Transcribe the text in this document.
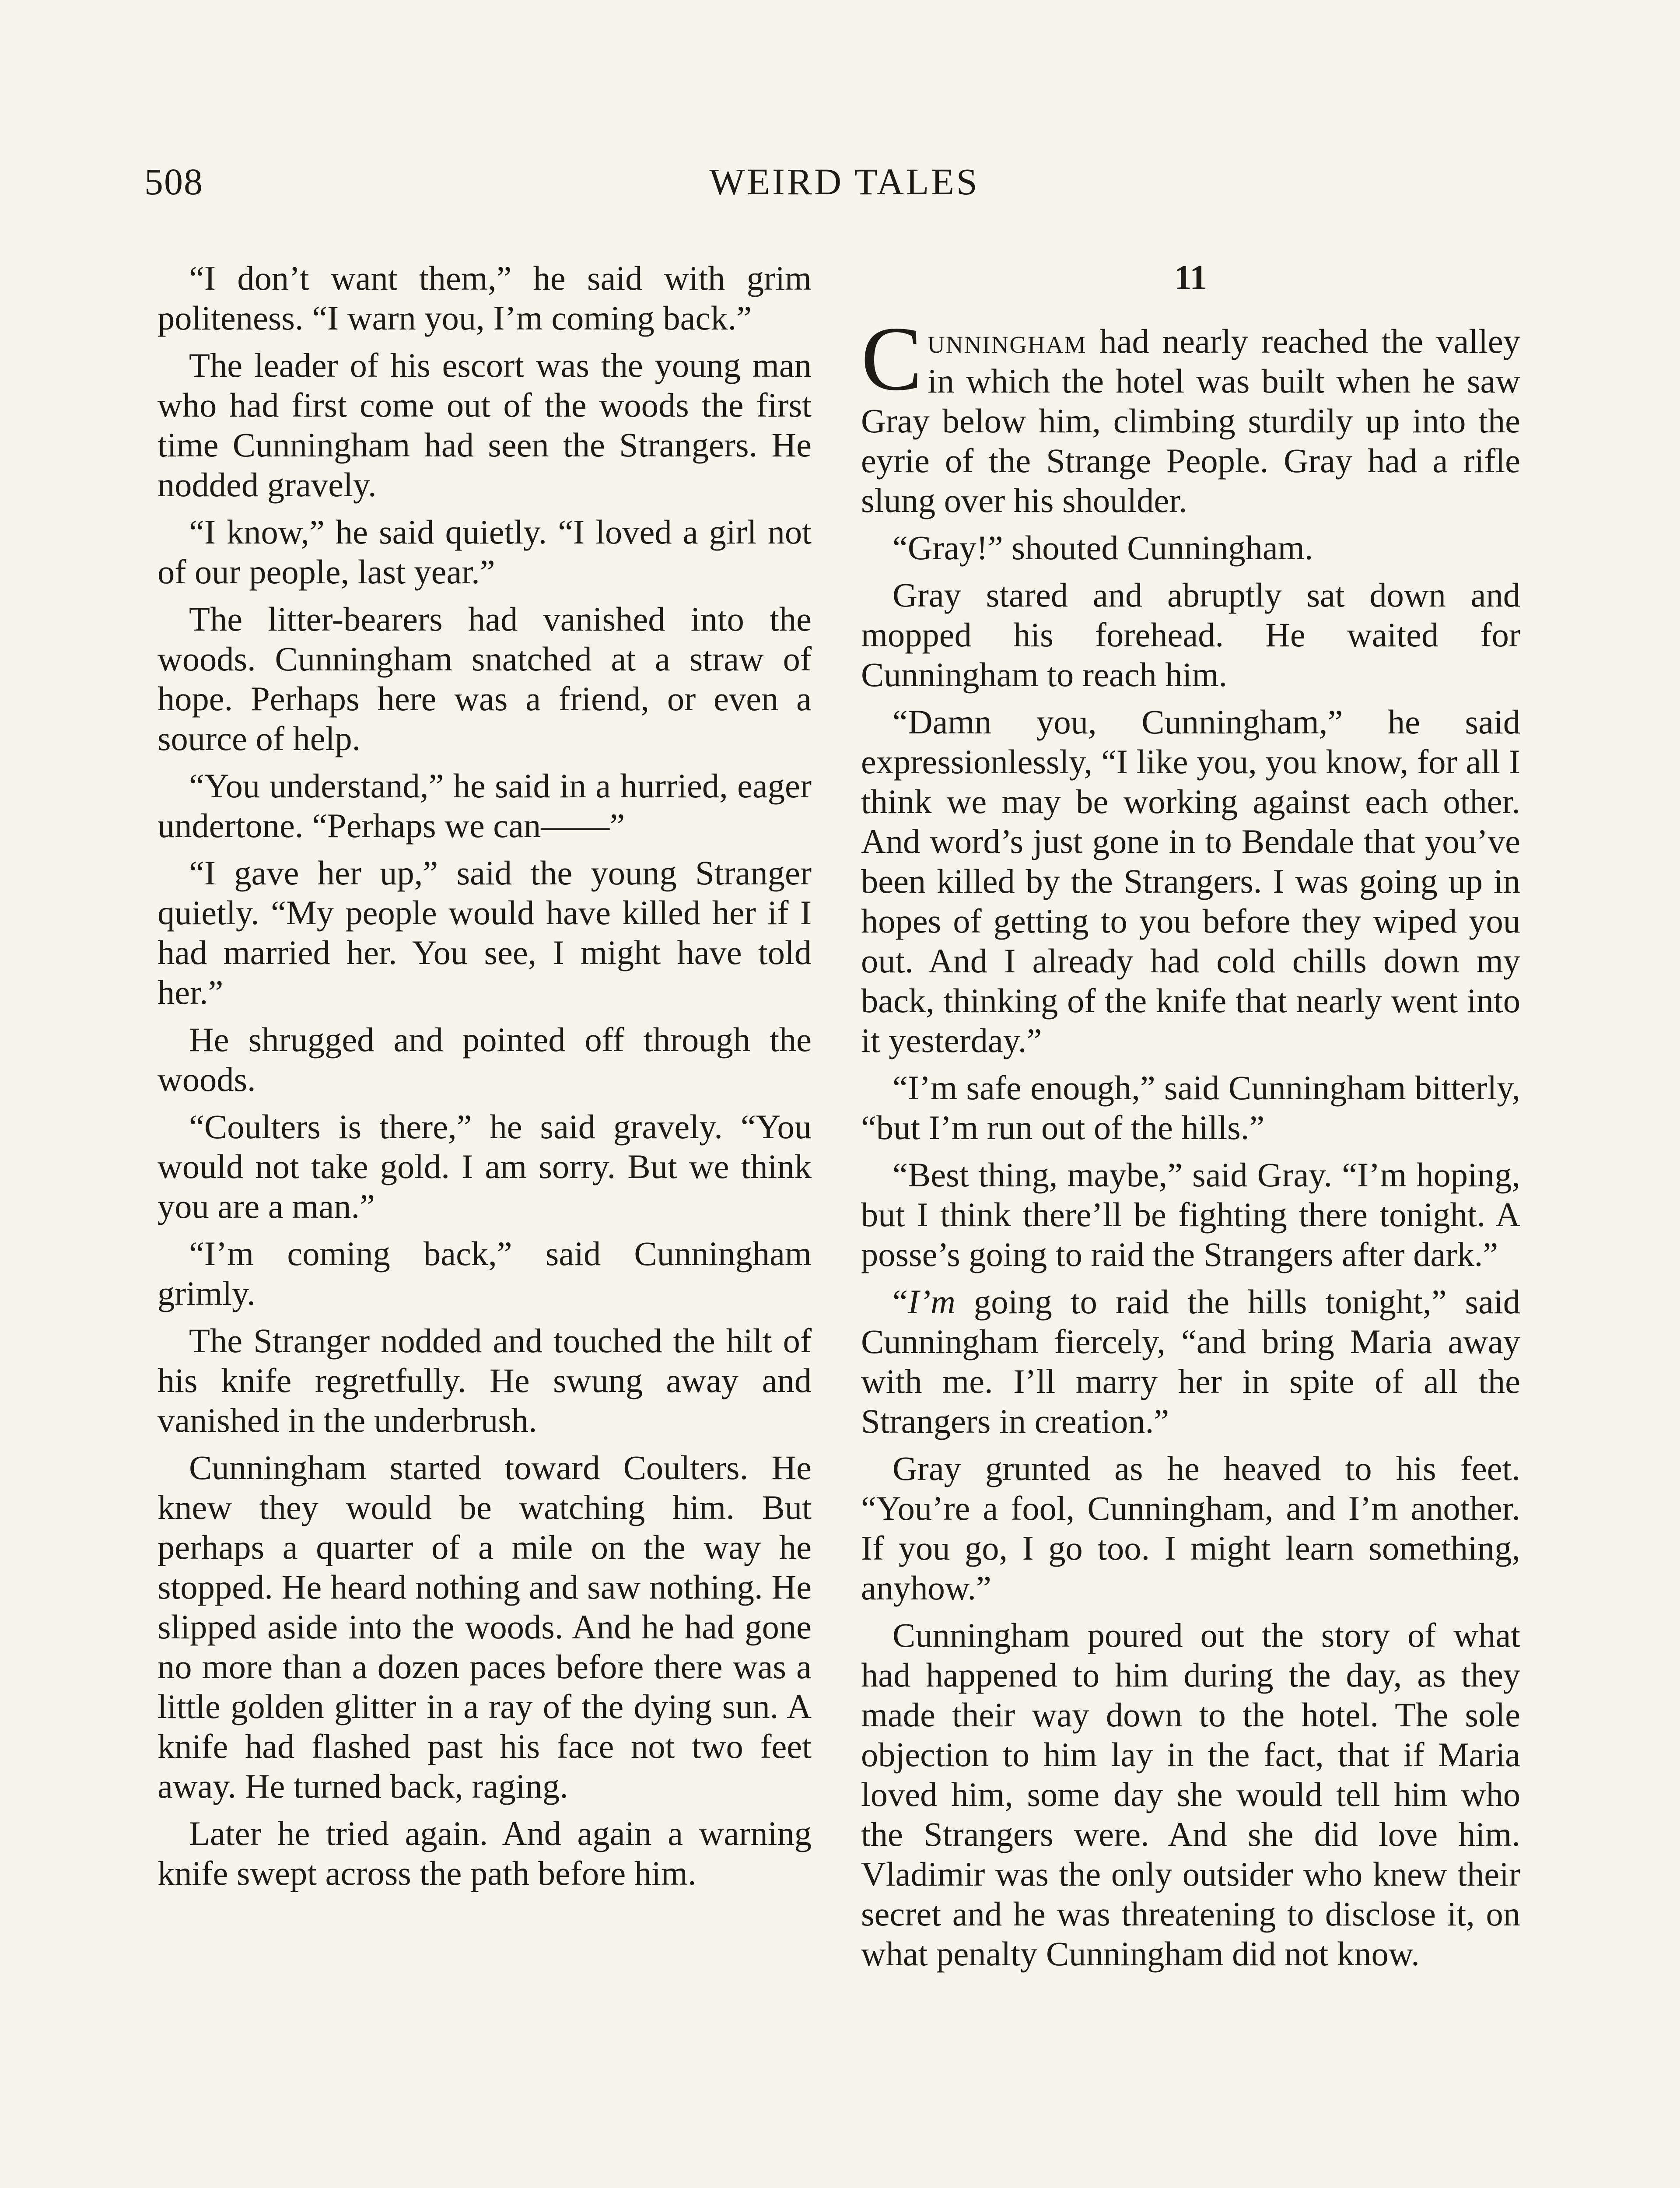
508	WEIRD TALES

“I don’t want them,” he said with grim politeness. “I warn you, I’m coming back.”

The leader of his escort was the young man who had first come out of the woods the first time Cunningham had seen the Strangers. He nodded gravely.

“I know,” he said quietly. “I loved a girl not of our people, last year.”

The litter-bearers had vanished into the woods. Cunningham snatched at a straw of hope. Perhaps here was a friend, or even a source of help.

“You understand,” he said in a hurried, eager undertone. “Perhaps we can——”

“I gave her up,” said the young Stranger quietly. “My people would have killed her if I had married her. You see, I might have told her.”

He shrugged and pointed off through the woods.

“Coulters is there,” he said gravely. “You would not take gold. I am sorry. But we think you are a man.”

“I’m coming back,” said Cunningham grimly.

The Stranger nodded and touched the hilt of his knife regretfully. He swung away and vanished in the underbrush.

Cunningham started toward Coulters. He knew they would be watching him. But perhaps a quarter of a mile on the way he stopped. He heard nothing and saw nothing. He slipped aside into the woods. And he had gone no more than a dozen paces before there was a little golden glitter in a ray of the dying sun. A knife had flashed past his face not two feet away. He turned back, raging.

Later he tried again. And again a warning knife swept across the path before him.

11

Cunningham had nearly reached the valley in which the hotel was built when he saw Gray below him, climbing sturdily up into the eyrie of the Strange People. Gray had a rifle slung over his shoulder.

“Gray!” shouted Cunningham.

Gray stared and abruptly sat down and mopped his forehead. He waited for Cunningham to reach him.

“Damn you, Cunningham,” he said expressionlessly, “I like you, you know, for all I think we may be working against each other. And word’s just gone in to Bendale that you’ve been killed by the Strangers. I was going up in hopes of getting to you before they wiped you out. And I already had cold chills down my back, thinking of the knife that nearly went into it yesterday.”

“I’m safe enough,” said Cunningham bitterly, “but I’m run out of the hills.”

“Best thing, maybe,” said Gray. “I’m hoping, but I think there’ll be fighting there tonight. A posse’s going to raid the Strangers after dark.”

“I’m going to raid the hills tonight,” said Cunningham fiercely, “and bring Maria away with me. I’ll marry her in spite of all the Strangers in creation.”

Gray grunted as he heaved to his feet. “You’re a fool, Cunningham, and I’m another. If you go, I go too. I might learn something, anyhow.”

Cunningham poured out the story of what had happened to him during the day, as they made their way down to the hotel. The sole objection to him lay in the fact, that if Maria loved him, some day she would tell him who the Strangers were. And she did love him. Vladimir was the only outsider who knew their secret and he was threatening to disclose it, on what penalty Cunningham did not know.
